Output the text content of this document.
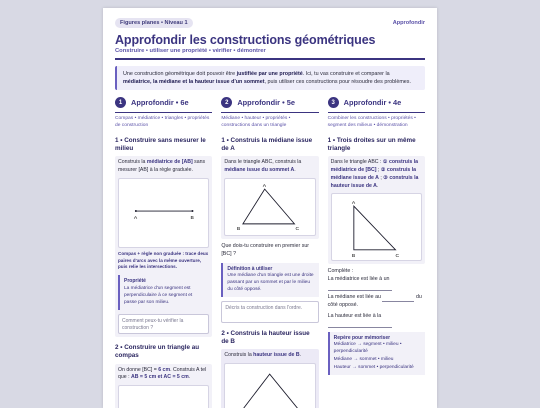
Figures planes • Niveau 1	Approfondir
Approfondir les constructions géométriques
Construire • utiliser une propriété • vérifier • démontrer
Une construction géométrique doit pouvoir être justifiée par une propriété. Ici, tu vas construire et comparer la médiatrice, la médiane et la hauteur issue d'un sommet, puis utiliser ces constructions pour résoudre des problèmes.
1	Approfondir • 6e
Compas • médiatrice • triangles • propriétés de construction
1 • Construire sans mesurer le milieu
Construis la médiatrice de [AB] sans mesurer [AB] à la règle graduée.
A	B
Compas + règle non graduée : trace deux paires d'arcs avec la même ouverture, puis relie les intersections.
Propriété
La médiatrice d'un segment est perpendiculaire à ce segment et passe par son milieu.
Comment peux-tu vérifier la construction ?
2 • Construire un triangle au compas
On donne [BC] = 6 cm. Construis A tel que : AB = 5 cm et AC = 5 cm.
2	Approfondir • 5e
Médiane • hauteur • propriétés • constructions dans un triangle
1 • Construis la médiane issue de A
Dans le triangle ABC, construis la médiane issue du sommet A.
A
B	C
Que dois-tu construire en premier sur [BC] ?
Définition à utiliser
Une médiane d'un triangle est une droite passant par un sommet et par le milieu du côté opposé.
Décris ta construction dans l'ordre.
2 • Construis la hauteur issue de B
Construis la hauteur issue de B.
3	Approfondir • 4e
Combiner les constructions • propriétés • segment des milieux • démonstration
1 • Trois droites sur un même triangle
Dans le triangle ABC : ① construis la médiatrice de [BC] ; ② construis la médiane issue de A ; ③ construis la hauteur issue de A.
A
B	C
Complète :
La médiatrice est liée à un
La médiane est liée au	du côté opposé.
La hauteur est liée à la
Repère pour mémoriser
Médiatrice → segment • milieu • perpendicularité
Médiane → sommet • milieu
Hauteur → sommet • perpendicularité
